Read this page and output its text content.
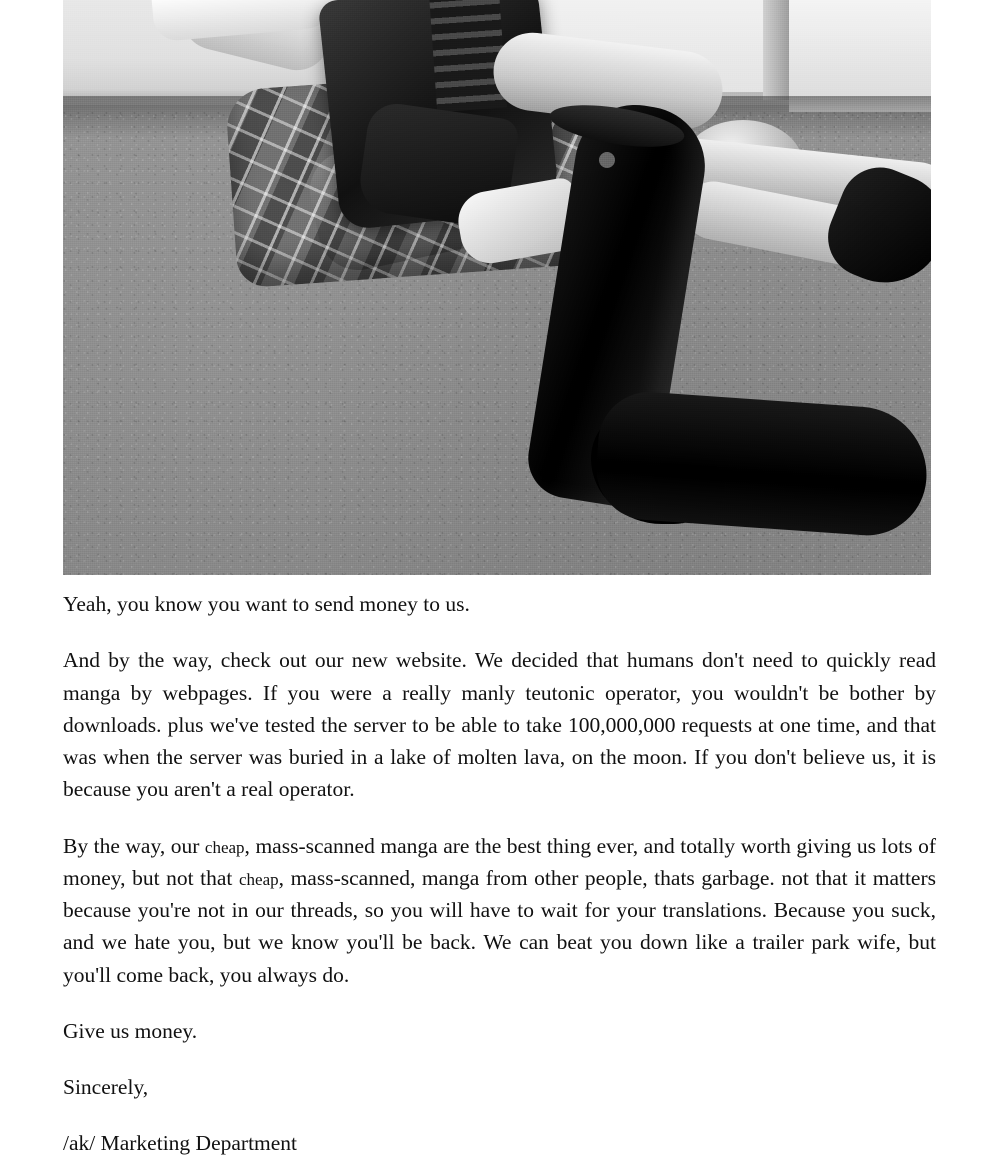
Yeah, you know you want to send money to us.

And by the way, check out our new website. We decided that humans don't need to quickly read manga by webpages. If you were a really manly teutonic operator, you wouldn't be bother by downloads. plus we've tested the server to be able to take 100,000,000 requests at one time, and that was when the server was buried in a lake of molten lava, on the moon. If you don't believe us, it is because you aren't a real operator.

By the way, our cheap, mass-scanned manga are the best thing ever, and totally worth giving us lots of money, but not that cheap, mass-scanned, manga from other people, thats garbage. not that it matters because you're not in our threads, so you will have to wait for your translations. Because you suck, and we hate you, but we know you'll be back. We can beat you down like a trailer park wife, but you'll come back, you always do.

Give us money.

Sincerely,

/ak/ Marketing Department
